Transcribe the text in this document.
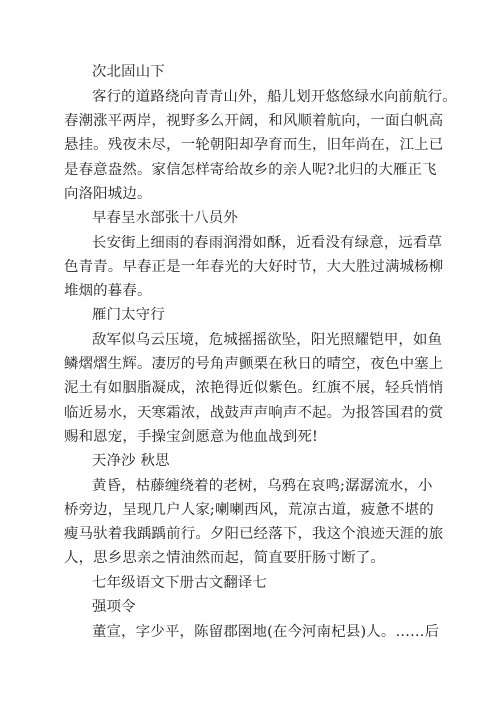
次北固山下
客行的道路绕向青青山外，船儿划开悠悠绿水向前航行。
春潮涨平两岸，视野多么开阔，和风顺着航向，一面白帆高
悬挂。残夜未尽，一轮朝阳却孕育而生，旧年尚在，江上已
是春意盎然。家信怎样寄给故乡的亲人呢?北归的大雁正飞
向洛阳城边。
早春呈水部张十八员外
长安街上细雨的春雨润滑如酥，近看没有绿意，远看草
色青青。早春正是一年春光的大好时节，大大胜过满城杨柳
堆烟的暮春。
雁门太守行
敌军似乌云压境，危城摇摇欲坠，阳光照耀铠甲，如鱼
鳞熠熠生辉。凄厉的号角声颤栗在秋日的晴空，夜色中塞上
泥土有如胭脂凝成，浓艳得近似紫色。红旗不展，轻兵悄悄
临近易水，天寒霜浓，战鼓声声响声不起。为报答国君的赏
赐和恩宠，手操宝剑愿意为他血战到死!
天净沙 秋思
黄昏，枯藤缠绕着的老树，乌鸦在哀鸣;潺潺流水，小
桥旁边，呈现几户人家;喇喇西风，荒凉古道，疲惫不堪的
瘦马驮着我踽踽前行。夕阳已经落下，我这个浪迹天涯的旅
人，思乡思亲之情油然而起，简直要肝肠寸断了。
七年级语文下册古文翻译七
强项令
董宣，字少平，陈留郡圉地(在今河南杞县)人。……后
